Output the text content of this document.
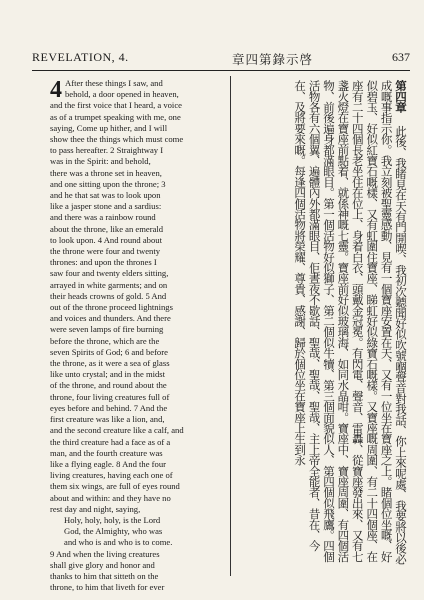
REVELATION, 4.	章四第錄示啓	637
4 After these things I saw, and
behold, a door opened in heaven,
and the first voice that I heard, a voice
as of a trumpet speaking with me, one
saying, Come up hither, and I will
show thee the things which must come
to pass hereafter. 2 Straightway I
was in the Spirit: and behold,
there was a throne set in heaven,
and one sitting upon the throne; 3
and he that sat was to look upon
like a jasper stone and a sardius:
and there was a rainbow round
about the throne, like an emerald
to look upon. 4 And round about
the throne were four and twenty
thrones: and upon the thrones I
saw four and twenty elders sitting,
arrayed in white garments; and on
their heads crowns of gold. 5 And
out of the throne proceed lightnings
and voices and thunders. And there
were seven lamps of fire burning
before the throne, which are the
seven Spirits of God; 6 and before
the throne, as it were a sea of glass
like unto crystal; and in the midst
of the throne, and round about the
throne, four living creatures full of
eyes before and behind. 7 And the
first creature was like a lion, and,
and the second creature like a calf, and
the third creature had a face as of a
man, and the fourth creature was
like a flying eagle. 8 And the four
living creatures, having each one of
them six wings, are full of eyes round
about and within: and they have no
rest day and night, saying,
Holy, holy, holy, is the Lord
God, the Almighty, who was
and who is and who is to come.
9 And when the living creatures
shall give glory and honor and
thanks to him that sitteth on the
throne, to him that liveth for ever
第四章 此後、我睹見在天有門開喫、我初次聽聞好似吹號嗰聲音對我話、你上來呢處、我要將以後必成嘅事指示你。我立刻被聖靈感動、見有一個寶座安置在天、又有一位坐在寶座之上。睹個位坐嘅、好似碧玉、好似紅寶石嘅樣、又有虹圍住寶座、睇虹好似綠寶石嘅樣。又寶座嘅周圍、有二十四個座、在座有二十四個長老坐住在位上、身着白衣、頭戴金冠冕。有閃電、聲音、雷轟、從寶座發出來、又有七盞火燈在寶座前點着、就係神嘅七靈。寶座前好似玻璃海、如同水晶咁。寶座中、寶座周圍、有四個活物、前後遍身都滿眼目。第一個活物好似獅子、第二個似牛犢、第三個面貌似人、第四個似飛鷹。四個活物各有六個翼、遍體內外都滿眼目、佢晝夜不歇話、聖哉、聖哉、聖哉、主上帝全能者、昔在、今在、及將要來嘅。每逢四個活物將榮耀、尊貴、感謝、歸於個位坐在寶座上生到永
